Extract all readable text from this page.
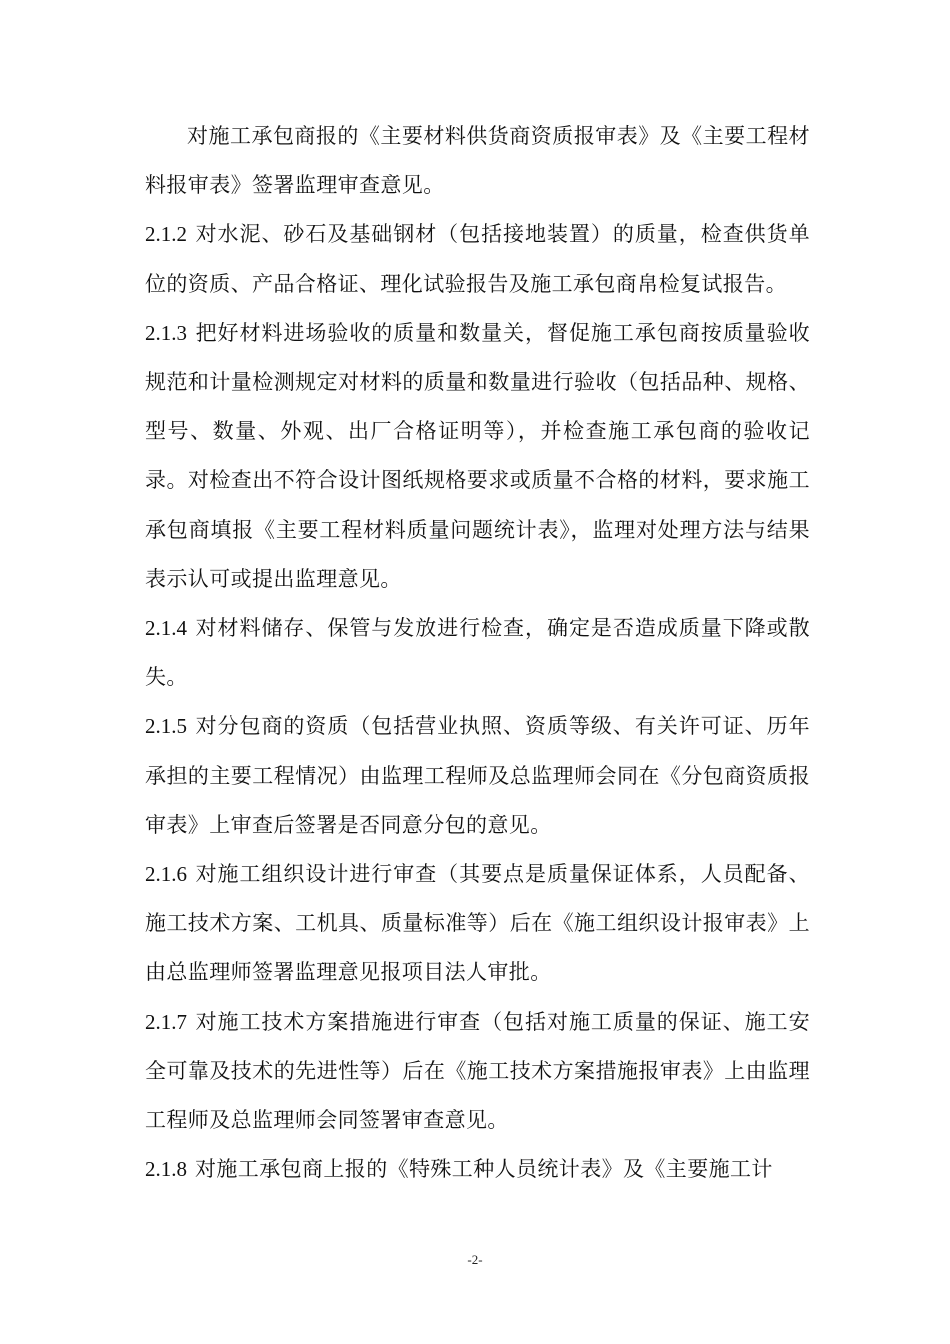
对施工承包商报的《主要材料供货商资质报审表》及《主要工程材料报审表》签署监理审查意见。

2.1.2 对水泥、砂石及基础钢材（包括接地装置）的质量，检查供货单位的资质、产品合格证、理化试验报告及施工承包商帛检复试报告。

2.1.3 把好材料进场验收的质量和数量关，督促施工承包商按质量验收规范和计量检测规定对材料的质量和数量进行验收（包括品种、规格、型号、数量、外观、出厂合格证明等），并检查施工承包商的验收记录。对检查出不符合设计图纸规格要求或质量不合格的材料，要求施工承包商填报《主要工程材料质量问题统计表》，监理对处理方法与结果表示认可或提出监理意见。

2.1.4 对材料储存、保管与发放进行检查，确定是否造成质量下降或散失。

2.1.5 对分包商的资质（包括营业执照、资质等级、有关许可证、历年承担的主要工程情况）由监理工程师及总监理师会同在《分包商资质报审表》上审查后签署是否同意分包的意见。

2.1.6 对施工组织设计进行审查（其要点是质量保证体系，人员配备、施工技术方案、工机具、质量标准等）后在《施工组织设计报审表》上由总监理师签署监理意见报项目法人审批。

2.1.7 对施工技术方案措施进行审查（包括对施工质量的保证、施工安全可靠及技术的先进性等）后在《施工技术方案措施报审表》上由监理工程师及总监理师会同签署审查意见。

2.1.8 对施工承包商上报的《特殊工种人员统计表》及《主要施工计

-2-
